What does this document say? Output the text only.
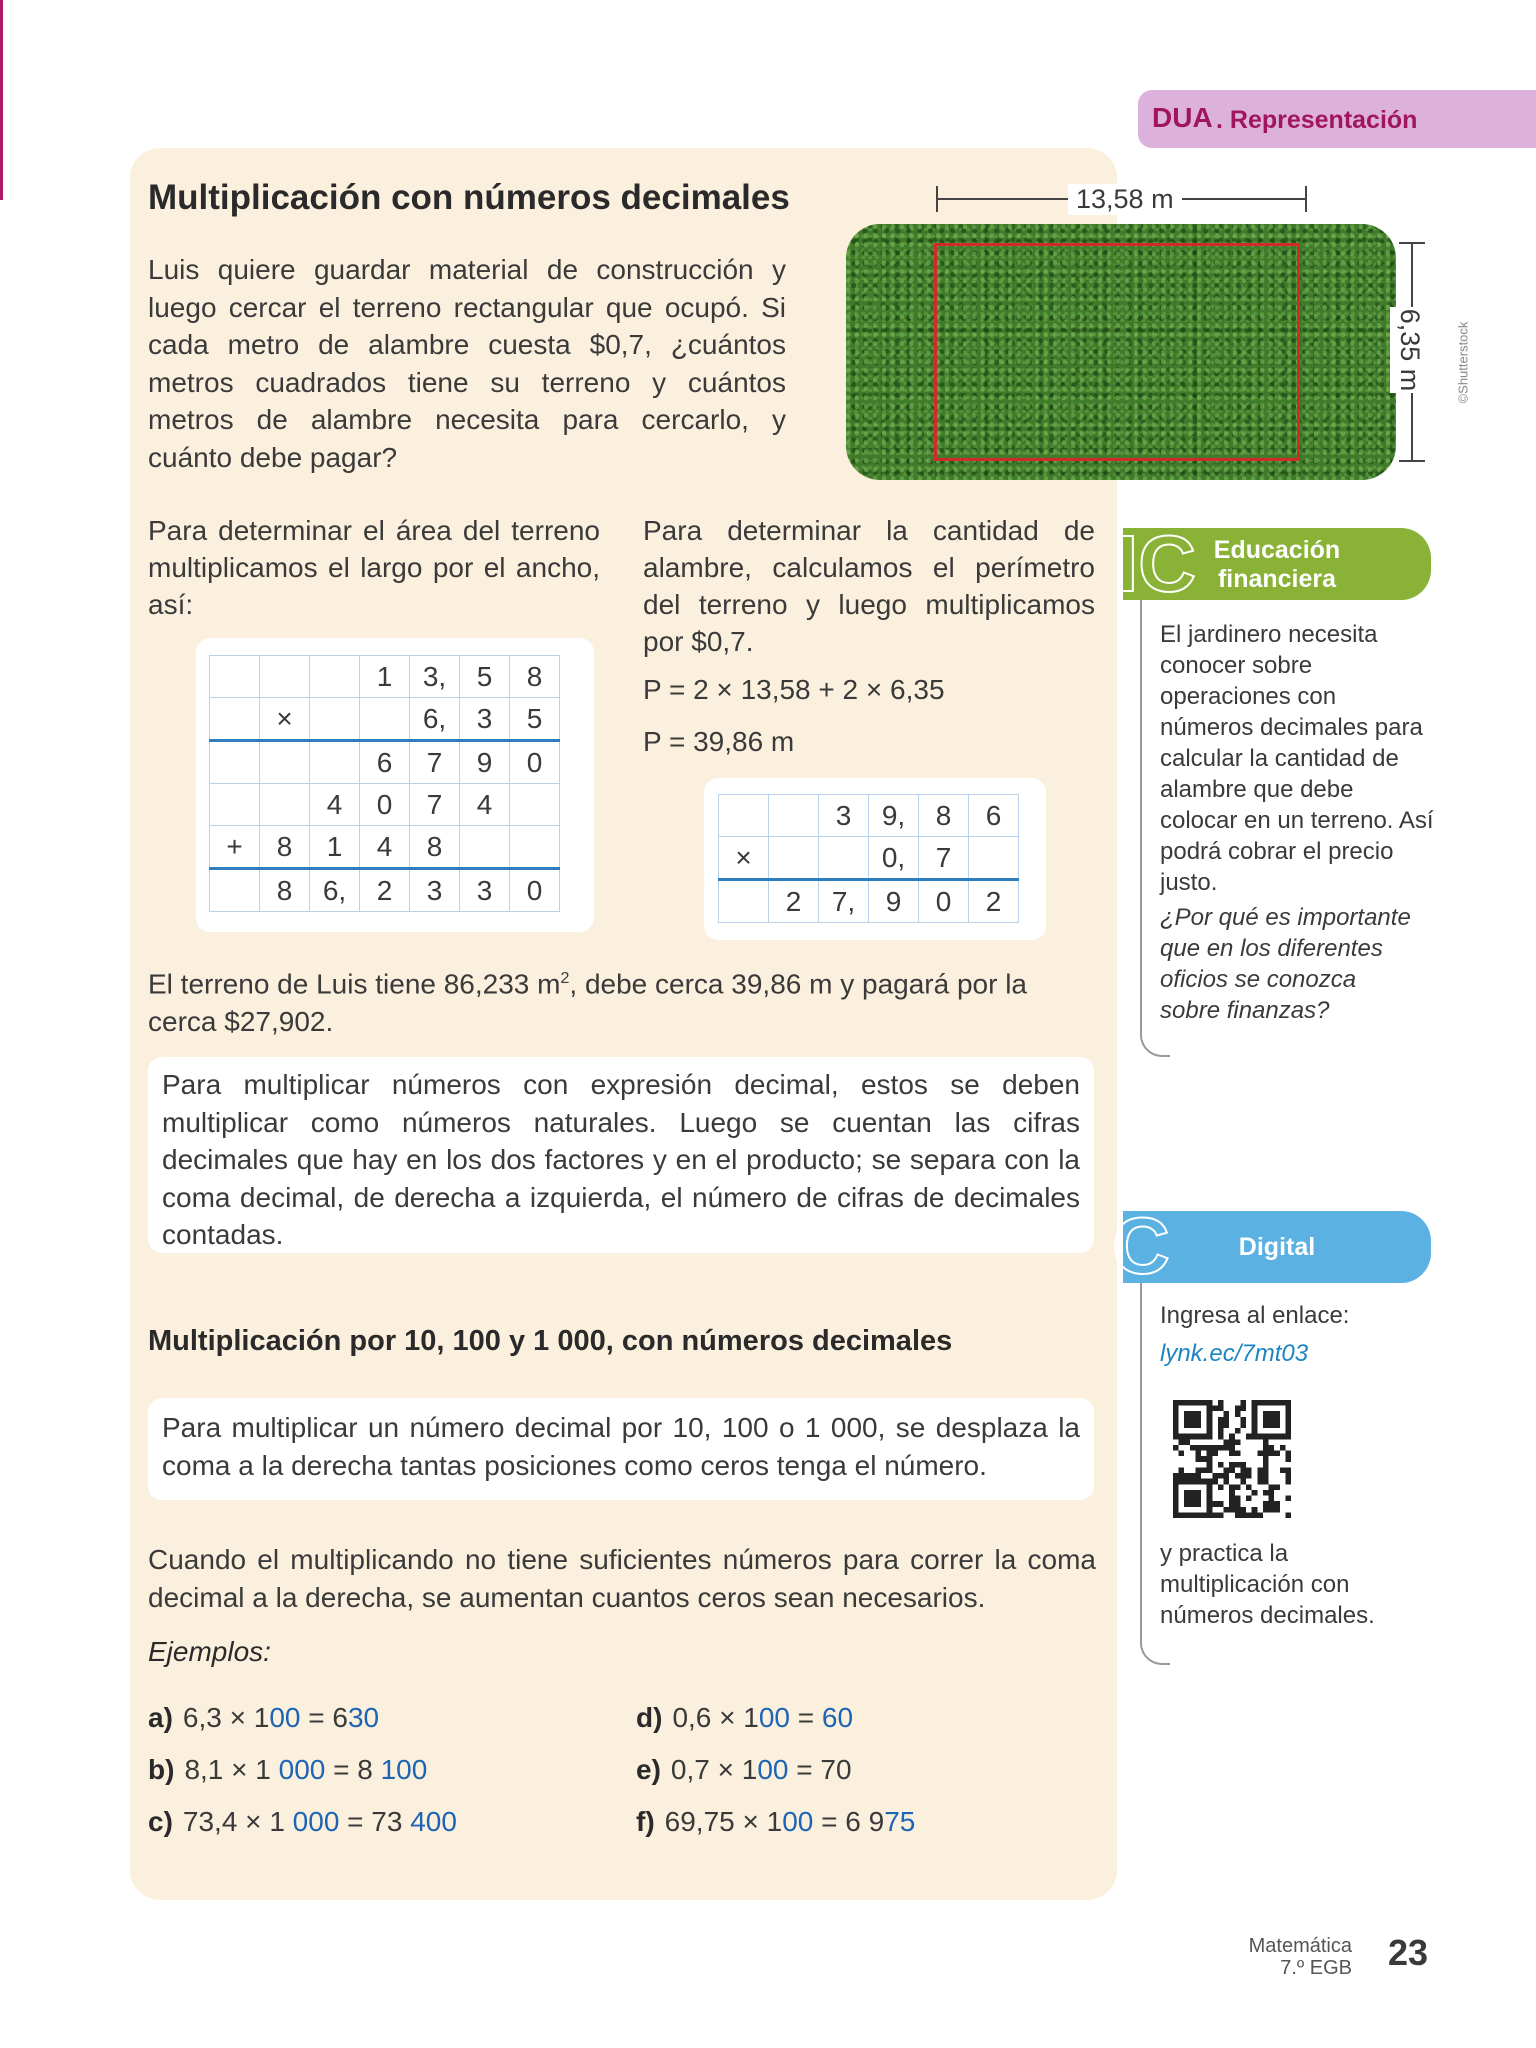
DUA . Representación
Multiplicación con números decimales
Luis quiere guardar material de construcción y luego cercar el terreno rectangular que ocupó. Si cada metro de alambre cuesta $0,7, ¿cuántos metros cuadrados tiene su terreno y cuántos metros de alambre necesita para cercarlo, y cuánto debe pagar?
13,58 m
6,35 m	©Shutterstock
Para determinar el área del terreno multiplicamos el largo por el ancho, así:
Para determinar la cantidad de alambre, calculamos el perímetro del terreno y luego multiplicamos por $0,7.
P = 2 × 13,58 + 2 × 6,35
P = 39,86 m
			1	3,	5	8
	×			6,	3	5
			6	7	9	0
		4	0	7	4	
+	8	1	4	8		
	8	6,	2	3	3	0
		3	9,	8	6
×			0,	7	
	2	7,	9	0	2
El terreno de Luis tiene 86,233 $m^2$, debe cerca 39,86 m y pagará por la cerca $27,902.
Para multiplicar números con expresión decimal, estos se deben multiplicar como números naturales. Luego se cuentan las cifras decimales que hay en los dos factores y en el producto; se separa con la coma decimal, de derecha a izquierda, el número de cifras de decimales contadas.
Multiplicación por 10, 100 y 1 000, con números decimales
Para multiplicar un número decimal por 10, 100 o 1 000, se desplaza la coma a la derecha tantas posiciones como ceros tenga el número.
Cuando el multiplicando no tiene suficientes números para correr la coma decimal a la derecha, se aumentan cuantos ceros sean necesarios.
Ejemplos:
a) 6,3 × 100 = 630
b) 8,1 × 1 000 = 8 100
c) 73,4 × 1 000 = 73 400
d) 0,6 × 100 = 60
e) 0,7 × 100 = 70
f) 69,75 × 100 = 6 975
Educación
financiera
IC
El jardinero necesita conocer sobre operaciones con números decimales para calcular la cantidad de alambre que debe colocar en un terreno. Así podrá cobrar el precio justo.
¿Por qué es importante que en los diferentes oficios se conozca sobre finanzas?
Digital
C
Ingresa al enlace:
lynk.ec/7mt03
y practica la multiplicación con números decimales.
Matemática
7.º EGB 23
